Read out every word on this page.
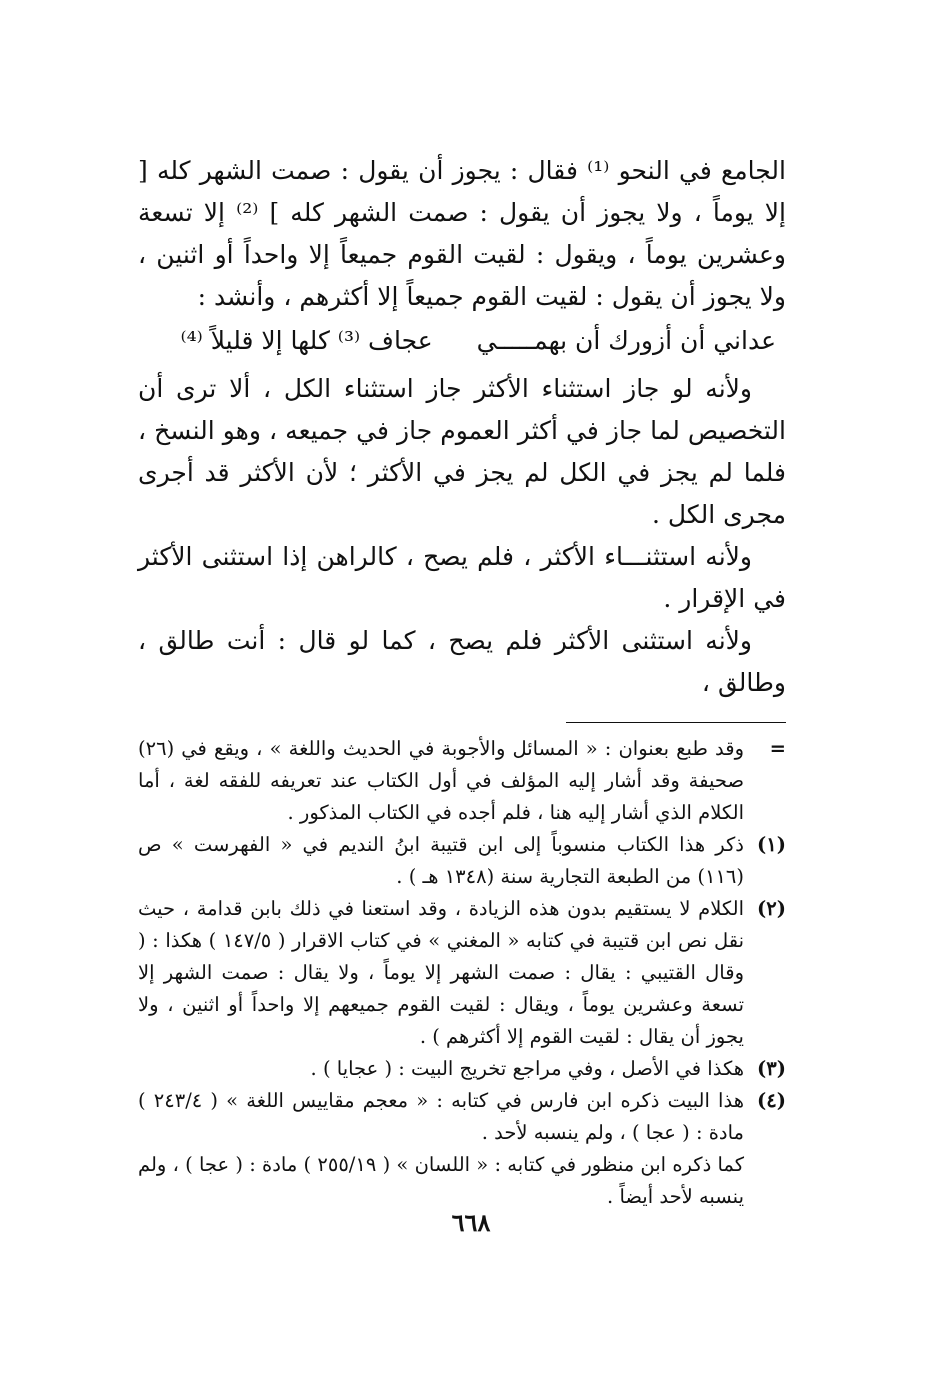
الجامع في النحو ⁽¹⁾ فقال : يجوز أن يقول : صمت الشهر كله [ إلا يوماً ، ولا يجوز أن يقول : صمت الشهر كله ] ⁽²⁾ إلا تسعة وعشرين يوماً ، ويقول : لقيت القوم جميعاً إلا واحداً أو اثنين ، ولا يجوز أن يقول : لقيت القوم جميعاً إلا أكثرهم ، وأنشد :

عداني أن أزورك أن بهمـــــي
عجاف ⁽³⁾ كلها إلا قليلاً ⁽⁴⁾

ولأنه لو جاز استثناء الأكثر جاز استثناء الكل ، ألا ترى أن التخصيص لما جاز في أكثر العموم جاز في جميعه ، وهو النسخ ، فلما لم يجز في الكل لم يجز في الأكثر ؛ لأن الأكثر قد أجرى مجرى الكل .

ولأنه استثنـــاء الأكثر ، فلم يصح ، كالراهن إذا استثنى الأكثر في الإقرار .

ولأنه استثنى الأكثر فلم يصح ، كما لو قال : أنت طالق ، وطالق ،

=
وقد طبع بعنوان : « المسائل والأجوبة في الحديث واللغة » ، ويقع في (٢٦) صحيفة وقد أشار إليه المؤلف في أول الكتاب عند تعريفه للفقه لغة ، أما الكلام الذي أشار إليه هنا ، فلم أجده في الكتاب المذكور .
(١)
ذكر هذا الكتاب منسوباً إلى ابن قتيبة ابنُ النديم في « الفهرست » ص (١١٦) من الطبعة التجارية سنة (١٣٤٨ هـ ) .
(٢)
الكلام لا يستقيم بدون هذه الزيادة ، وقد استعنا في ذلك بابن قدامة ، حيث نقل نص ابن قتيبة في كتابه « المغني » في كتاب الاقرار ( ١٤٧/٥ ) هكذا : ( وقال القتيبي : يقال : صمت الشهر إلا يوماً ، ولا يقال : صمت الشهر إلا تسعة وعشرين يوماً ، ويقال : لقيت القوم جميعهم إلا واحداً أو اثنين ، ولا يجوز أن يقال : لقيت القوم إلا أكثرهم ) .
(٣)
هكذا في الأصل ، وفي مراجع تخريج البيت : ( عجايا ) .
(٤)
هذا البيت ذكره ابن فارس في كتابه : « معجم مقاييس اللغة » ( ٢٤٣/٤ ) مادة : ( عجا ) ، ولم ينسبه لأحد .
كما ذكره ابن منظور في كتابه : « اللسان » ( ٢٥٥/١٩ ) مادة : ( عجا ) ، ولم ينسبه لأحد أيضاً .
٦٦٨
